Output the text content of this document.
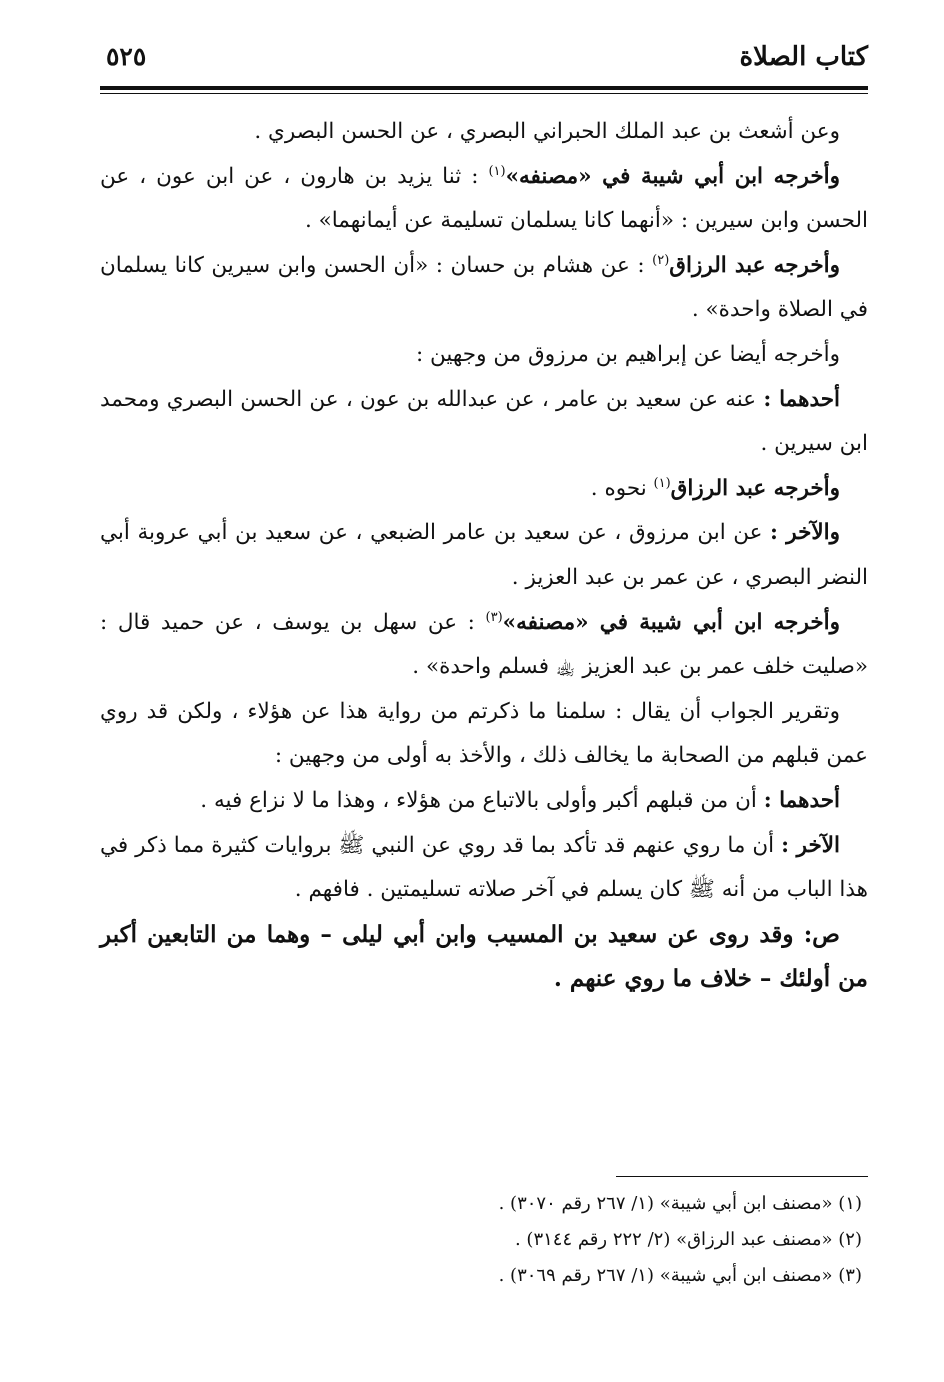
كتاب الصلاة
٥٢٥

وعن أشعث بن عبد الملك الحبراني البصري ، عن الحسن البصري .

وأخرجه ابن أبي شيبة في «مصنفه»$^{(١)}$ : ثنا يزيد بن هارون ، عن ابن عون ، عن الحسن وابن سيرين : «أنهما كانا يسلمان تسليمة عن أيمانهما» .

وأخرجه عبد الرزاق$^{(٢)}$ : عن هشام بن حسان : «أن الحسن وابن سيرين كانا يسلمان في الصلاة واحدة» .

وأخرجه أيضا عن إبراهيم بن مرزوق من وجهين :

أحدهما : عنه عن سعيد بن عامر ، عن عبدالله بن عون ، عن الحسن البصري ومحمد ابن سيرين .

وأخرجه عبد الرزاق$^{(١)}$ نحوه .

والآخر : عن ابن مرزوق ، عن سعيد بن عامر الضبعي ، عن سعيد بن أبي عروبة أبي النضر البصري ، عن عمر بن عبد العزيز .

وأخرجه ابن أبي شيبة في «مصنفه»$^{(٣)}$ : عن سهل بن يوسف ، عن حميد قال : «صليت خلف عمر بن عبد العزيز ﵀ فسلم واحدة» .

وتقرير الجواب أن يقال : سلمنا ما ذكرتم من رواية هذا عن هؤلاء ، ولكن قد روي عمن قبلهم من الصحابة ما يخالف ذلك ، والأخذ به أولى من وجهين :

أحدهما : أن من قبلهم أكبر وأولى بالاتباع من هؤلاء ، وهذا ما لا نزاع فيه .

الآخر : أن ما روي عنهم قد تأكد بما قد روي عن النبي ﷺ بروايات كثيرة مما ذكر في هذا الباب من أنه ﷺ كان يسلم في آخر صلاته تسليمتين . فافهم .

ص: وقد روى عن سعيد بن المسيب وابن أبي ليلى – وهما من التابعين أكبر من أولئك – خلاف ما روي عنهم .

(١) «مصنف ابن أبي شيبة» (١/ ٢٦٧ رقم ٣٠٧٠) .

(٢) «مصنف عبد الرزاق» (٢/ ٢٢٢ رقم ٣١٤٤) .

(٣) «مصنف ابن أبي شيبة» (١/ ٢٦٧ رقم ٣٠٦٩) .
